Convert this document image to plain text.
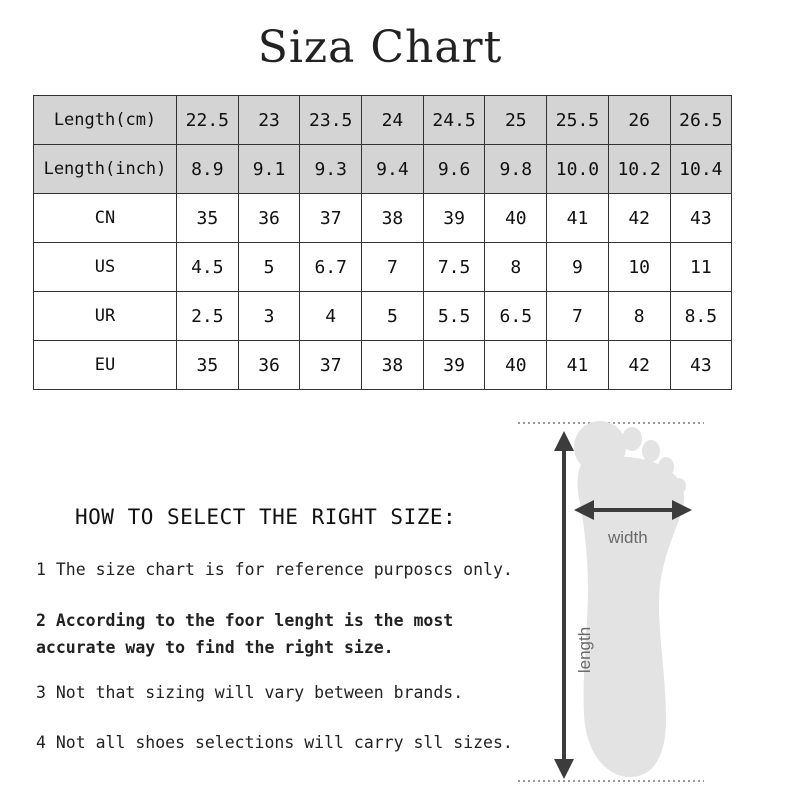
Siza Chart
Length(cm)	22.5	23	23.5	24	24.5	25	25.5	26	26.5
Length(inch)	8.9	9.1	9.3	9.4	9.6	9.8	10.0	10.2	10.4
CN	35	36	37	38	39	40	41	42	43
US	4.5	5	6.7	7	7.5	8	9	10	11
UR	2.5	3	4	5	5.5	6.5	7	8	8.5
EU	35	36	37	38	39	40	41	42	43
HOW TO SELECT THE RIGHT SIZE:
1 The size chart is for reference purposcs only.
2 According to the foor lenght is the most
accurate way to find the right size.
3 Not that sizing will vary between brands.
4 Not all shoes selections will carry sll sizes.
width
length
